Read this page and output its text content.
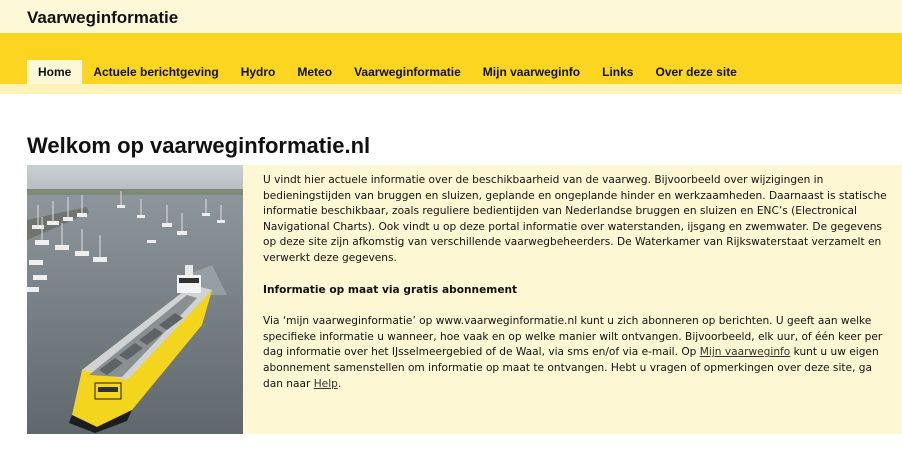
Vaarweginformatie
Home	Actuele berichtgeving	Hydro	Meteo	Vaarweginformatie	Mijn vaarweginfo	Links	Over deze site
Welkom op vaarweginformatie.nl

U vindt hier actuele informatie over de beschikbaarheid van de vaarweg. Bijvoorbeeld over wijzigingen in bedieningstijden van bruggen en sluizen, geplande en ongeplande hinder en werkzaamheden. Daarnaast is statische informatie beschikbaar, zoals reguliere bedientijden van Nederlandse bruggen en sluizen en ENC’s (Electronical Navigational Charts). Ook vindt u op deze portal informatie over waterstanden, ijsgang en zwemwater. De gegevens op deze site zijn afkomstig van verschillende vaarwegbeheerders. De Waterkamer van Rijkswaterstaat verzamelt en verwerkt deze gegevens.

Informatie op maat via gratis abonnement

Via ‘mijn vaarweginformatie’ op www.vaarweginformatie.nl kunt u zich abonneren op berichten. U geeft aan welke specifieke informatie u wanneer, hoe vaak en op welke manier wilt ontvangen. Bijvoorbeeld, elk uur, of één keer per dag informatie over het IJsselmeergebied of de Waal, via sms en/of via e-mail. Op Mijn vaarweginfo kunt u uw eigen abonnement samenstellen om informatie op maat te ontvangen. Hebt u vragen of opmerkingen over deze site, ga dan naar Help.
